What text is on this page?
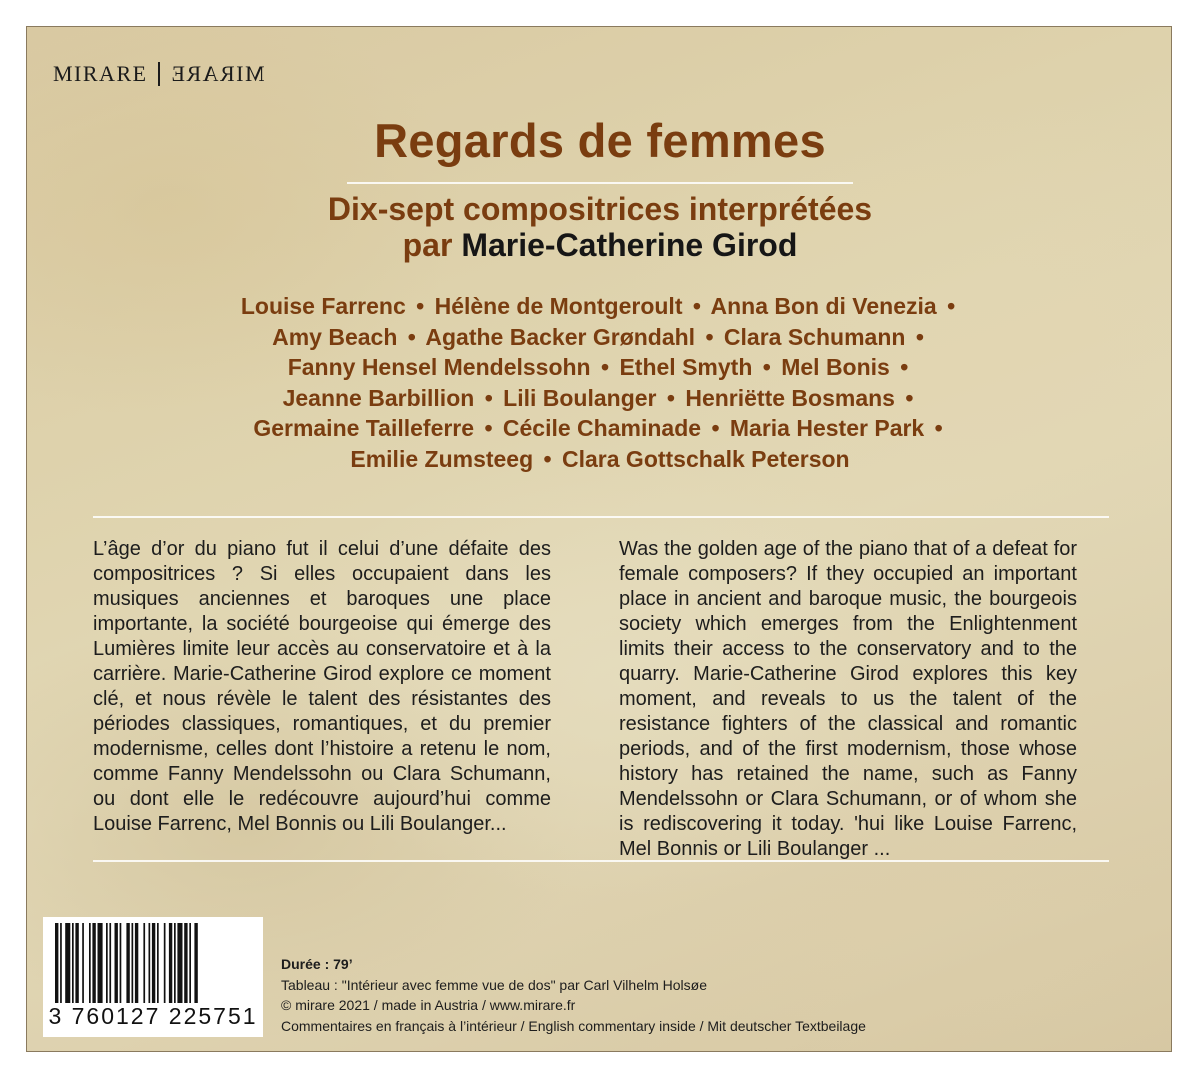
MIRARE MIRARE
Regards de femmes
Dix-sept compositrices interprétées
par Marie-Catherine Girod
Louise Farrenc • Hélène de Montgeroult • Anna Bon di Venezia • Amy Beach • Agathe Backer Grøndahl • Clara Schumann • Fanny Hensel Mendelssohn • Ethel Smyth • Mel Bonis • Jeanne Barbillion • Lili Boulanger • Henriëtte Bosmans • Germaine Tailleferre • Cécile Chaminade • Maria Hester Park • Emilie Zumsteeg • Clara Gottschalk Peterson
L’âge d’or du piano fut il celui d’une défaite des compositrices ? Si elles occupaient dans les musiques anciennes et baroques une place importante, la société bourgeoise qui émerge des Lumières limite leur accès au conservatoire et à la carrière. Marie-Catherine Girod explore ce moment clé, et nous révèle le talent des résistantes des périodes classiques, romantiques, et du premier modernisme, celles dont l’histoire a retenu le nom, comme Fanny Mendelssohn ou Clara Schumann, ou dont elle le redécouvre aujourd’hui comme Louise Farrenc, Mel Bonnis ou Lili Boulanger...
Was the golden age of the piano that of a defeat for female composers? If they occupied an important place in ancient and baroque music, the bourgeois society which emerges from the Enlightenment limits their access to the conservatory and to the quarry. Marie-Catherine Girod explores this key moment, and reveals to us the talent of the resistance fighters of the classical and romantic periods, and of the first modernism, those whose history has retained the name, such as Fanny Mendelssohn or Clara Schumann, or of whom she is rediscovering it today. 'hui like Louise Farrenc, Mel Bonnis or Lili Boulanger ...
3 760127 225751
Durée : 79’
Tableau : "Intérieur avec femme vue de dos" par Carl Vilhelm Holsøe
© mirare 2021 / made in Austria / www.mirare.fr
Commentaires en français à l’intérieur / English commentary inside / Mit deutscher Textbeilage
